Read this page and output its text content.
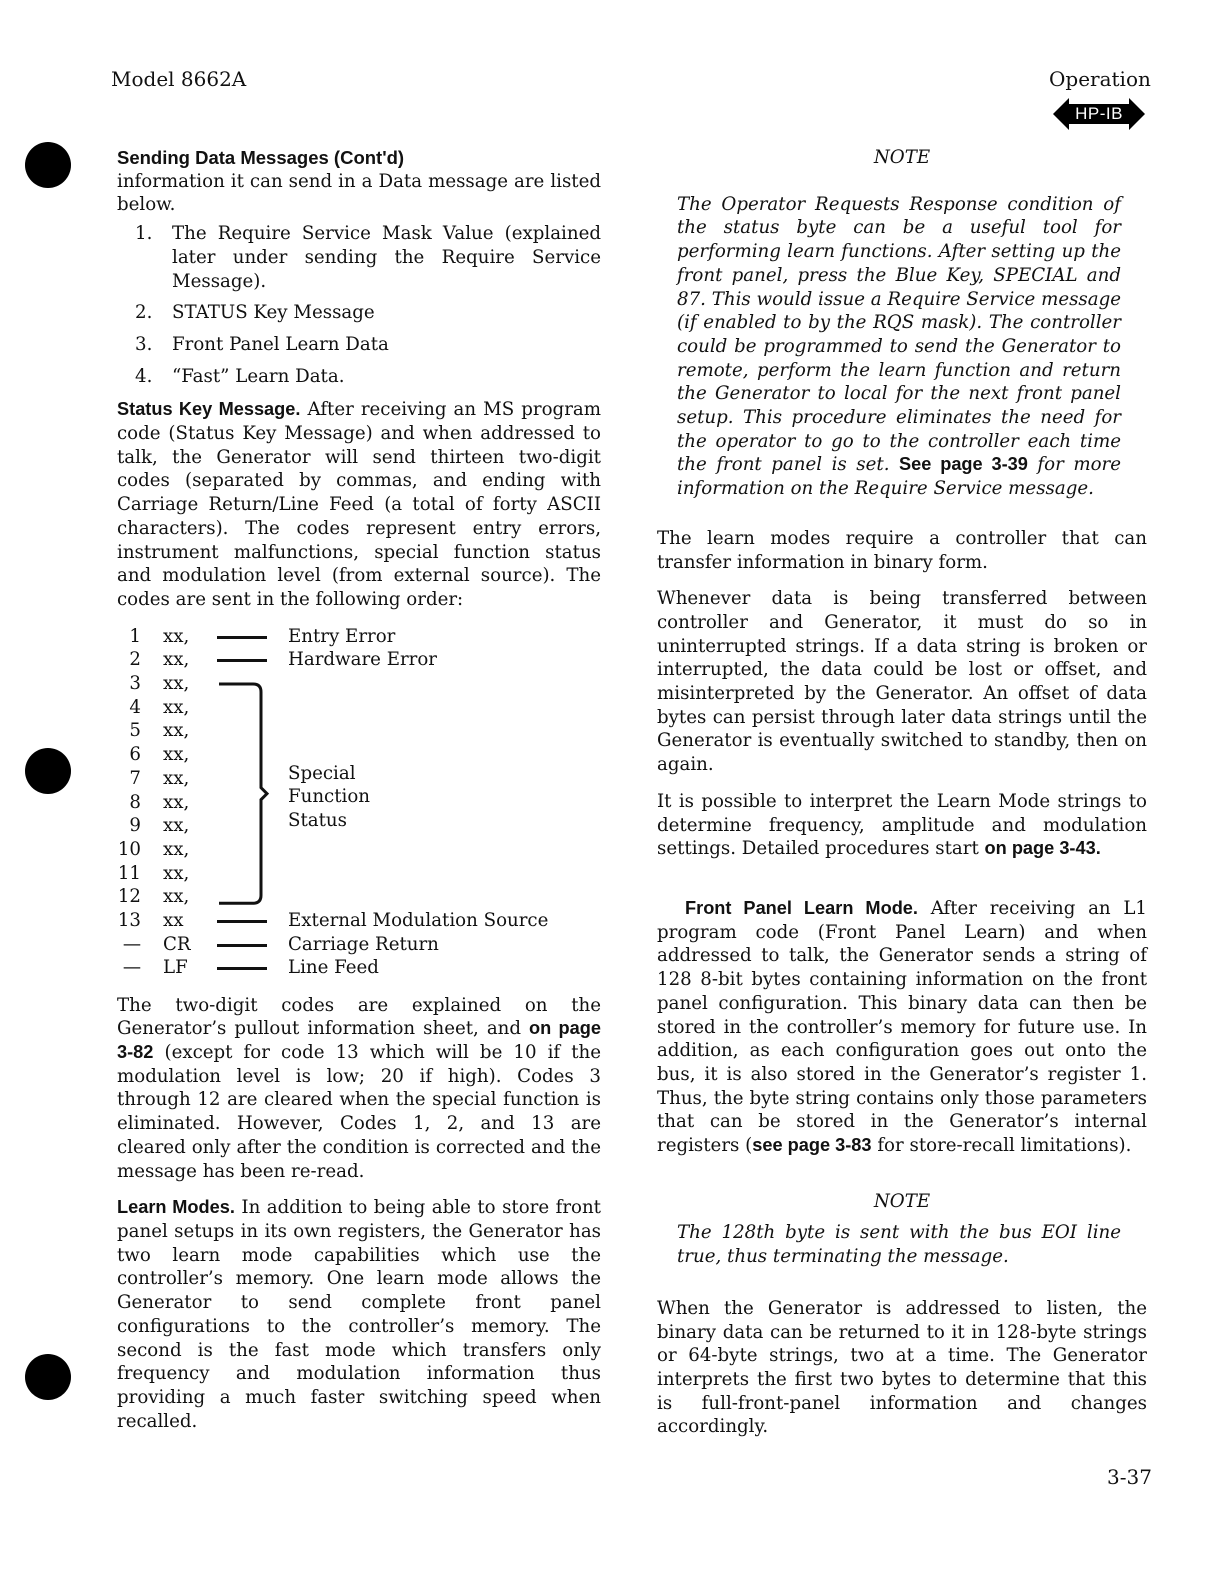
Model 8662A	Operation
HP-IB
Sending Data Messages (Cont'd)

information it can send in a Data message are listed below.

1.	The Require Service Mask Value (explained later under sending the Require Service Message).
2.	STATUS Key Message
3.	Front Panel Learn Data
4.	“Fast” Learn Data.

Status Key Message. After receiving an MS program code (Status Key Message) and when addressed to talk, the Generator will send thirteen two-digit codes (separated by commas, and ending with Carriage Return/Line Feed (a total of forty ASCII characters). The codes represent entry errors, instrument malfunctions, special function status and modulation level (from external source). The codes are sent in the following order:

1 xx,	Entry Error
2 xx,	Hardware Error
3 xx,
4 xx,
5 xx,
6 xx,
7 xx,
8 xx,
9 xx,
10 xx,
11 xx,
12 xx,
13 xx	External Modulation Source
— CR	Carriage Return
— LF	Line Feed
Special
Function
Status

The two-digit codes are explained on the Generator’s pullout information sheet, and on page 3-82 (except for code 13 which will be 10 if the modulation level is low; 20 if high). Codes 3 through 12 are cleared when the special function is eliminated. However, Codes 1, 2, and 13 are cleared only after the condition is corrected and the message has been re-read.

Learn Modes. In addition to being able to store front panel setups in its own registers, the Generator has two learn mode capabilities which use the controller’s memory. One learn mode allows the Generator to send complete front panel configurations to the controller’s memory. The second is the fast mode which transfers only frequency and modulation information thus providing a much faster switching speed when recalled.

NOTE

The Operator Requests Response condition of the status byte can be a useful tool for performing learn functions. After setting up the front panel, press the Blue Key, SPECIAL and 87. This would issue a Require Service message (if enabled to by the RQS mask). The controller could be programmed to send the Generator to remote, perform the learn function and return the Generator to local for the next front panel setup. This procedure eliminates the need for the operator to go to the controller each time the front panel is set. See page 3-39 for more information on the Require Service message.

The learn modes require a controller that can transfer information in binary form.

Whenever data is being transferred between controller and Generator, it must do so in uninterrupted strings. If a data string is broken or interrupted, the data could be lost or offset, and misinterpreted by the Generator. An offset of data bytes can persist through later data strings until the Generator is eventually switched to standby, then on again.

It is possible to interpret the Learn Mode strings to determine frequency, amplitude and modulation settings. Detailed procedures start on page 3-43.

Front Panel Learn Mode. After receiving an L1 program code (Front Panel Learn) and when addressed to talk, the Generator sends a string of 128 8-bit bytes containing information on the front panel configuration. This binary data can then be stored in the controller’s memory for future use. In addition, as each configuration goes out onto the bus, it is also stored in the Generator’s register 1. Thus, the byte string contains only those parameters that can be stored in the Generator’s internal registers (see page 3-83 for store-recall limitations).

NOTE

The 128th byte is sent with the bus EOI line true, thus terminating the message.

When the Generator is addressed to listen, the binary data can be returned to it in 128-byte strings or 64-byte strings, two at a time. The Generator interprets the first two bytes to determine that this is full-front-panel information and changes accordingly.

3-37
